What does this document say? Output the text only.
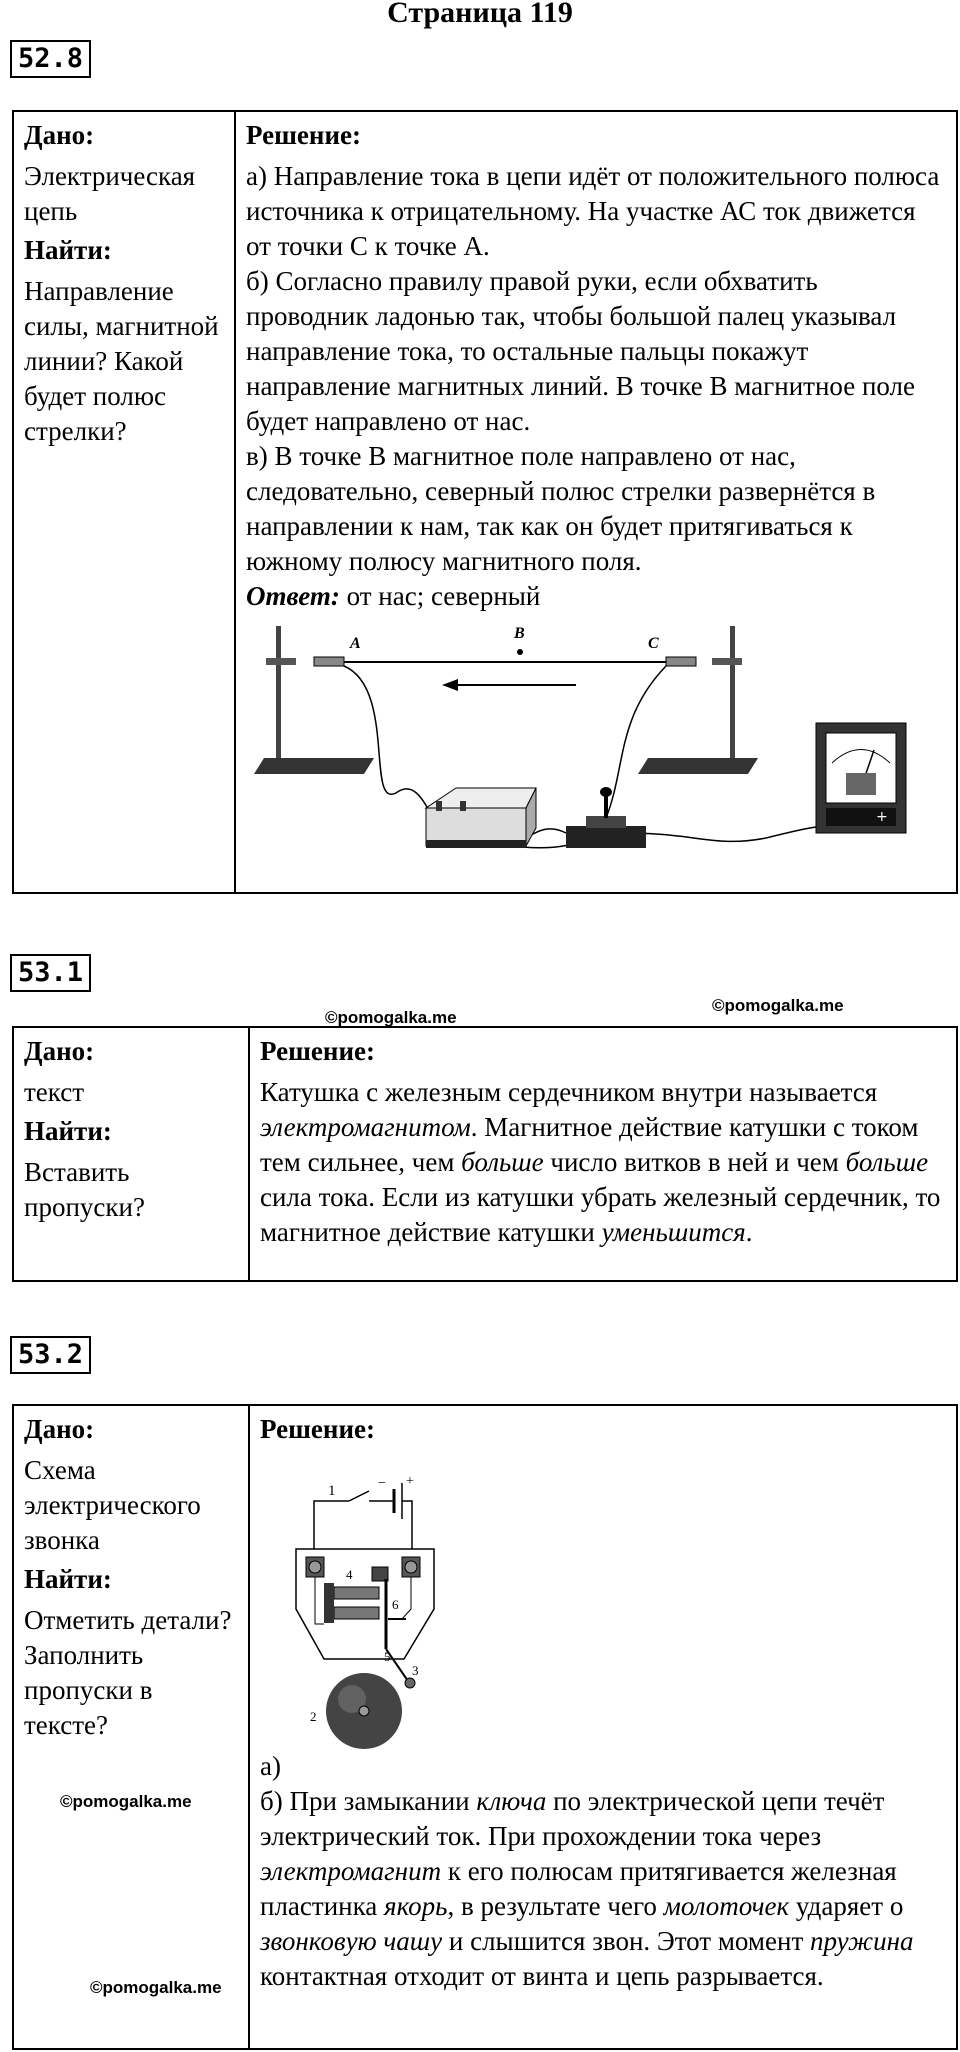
Страница 119
52.8
Дано:
Электрическая цепь
Найти:
Направление силы, магнитной линии? Какой будет полюс стрелки?
Решение:
а) Направление тока в цепи идёт от положительного полюса источника к отрицательному. На участке АС ток движется от точки С к точке А.
б) Согласно правилу правой руки, если обхватить проводник ладонью так, чтобы большой палец указывал направление тока, то остальные пальцы покажут направление магнитных линий. В точке В магнитное поле будет направлено от нас.
в) В точке В магнитное поле направлено от нас, следовательно, северный полюс стрелки развернётся в направлении к нам, так как он будет притягиваться к южному полюсу магнитного поля.
Ответ: от нас; северный
A
B
C
+
53.1
©pomogalka.me
©pomogalka.me
Дано:
текст
Найти:
Вставить пропуски?
Решение:
Катушка с железным сердечником внутри называется электромагнитом. Магнитное действие катушки с током тем сильнее, чем больше число витков в ней и чем больше сила тока. Если из катушки убрать железный сердечник, то магнитное действие катушки уменьшится.
53.2
Дано:
Схема электрического звонка
Найти:
Отметить детали? Заполнить пропуски в тексте?
Решение:
− +
1
3
4
5
6
2
а)
б) При замыкании ключа по электрической цепи течёт электрический ток. При прохождении тока через электромагнит к его полюсам притягивается железная пластинка якорь, в результате чего молоточек ударяет о звонковую чашу и слышится звон. Этот момент пружина контактная отходит от винта и цепь разрывается.
©pomogalka.me
©pomogalka.me
